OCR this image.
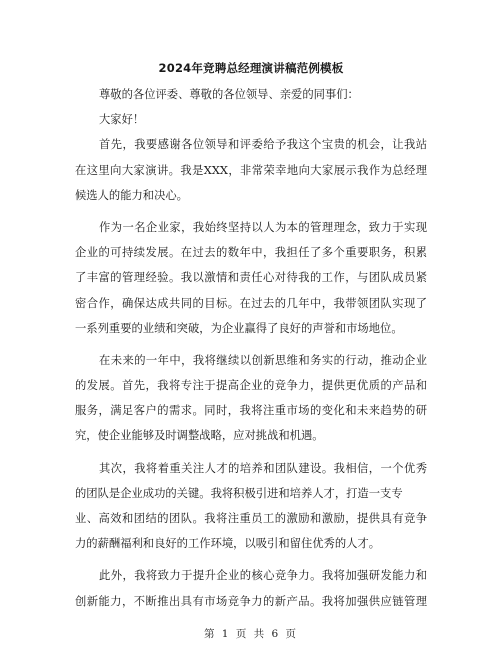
2024年竞聘总经理演讲稿范例模板
尊敬的各位评委、尊敬的各位领导、亲爱的同事们：
大家好！
首先，我要感谢各位领导和评委给予我这个宝贵的机会，让我站
在这里向大家演讲。我是XXX，非常荣幸地向大家展示我作为总经理
候选人的能力和决心。
作为一名企业家，我始终坚持以人为本的管理理念，致力于实现
企业的可持续发展。在过去的数年中，我担任了多个重要职务，积累
了丰富的管理经验。我以激情和责任心对待我的工作，与团队成员紧
密合作，确保达成共同的目标。在过去的几年中，我带领团队实现了
一系列重要的业绩和突破，为企业赢得了良好的声誉和市场地位。
在未来的一年中，我将继续以创新思维和务实的行动，推动企业
的发展。首先，我将专注于提高企业的竞争力，提供更优质的产品和
服务，满足客户的需求。同时，我将注重市场的变化和未来趋势的研
究，使企业能够及时调整战略，应对挑战和机遇。
其次，我将着重关注人才的培养和团队建设。我相信，一个优秀
的团队是企业成功的关键。我将积极引进和培养人才，打造一支专
业、高效和团结的团队。我将注重员工的激励和激励，提供具有竞争
力的薪酬福利和良好的工作环境，以吸引和留住优秀的人才。
此外，我将致力于提升企业的核心竞争力。我将加强研发能力和
创新能力，不断推出具有市场竞争力的新产品。我将加强供应链管理
第 1 页 共 6 页
